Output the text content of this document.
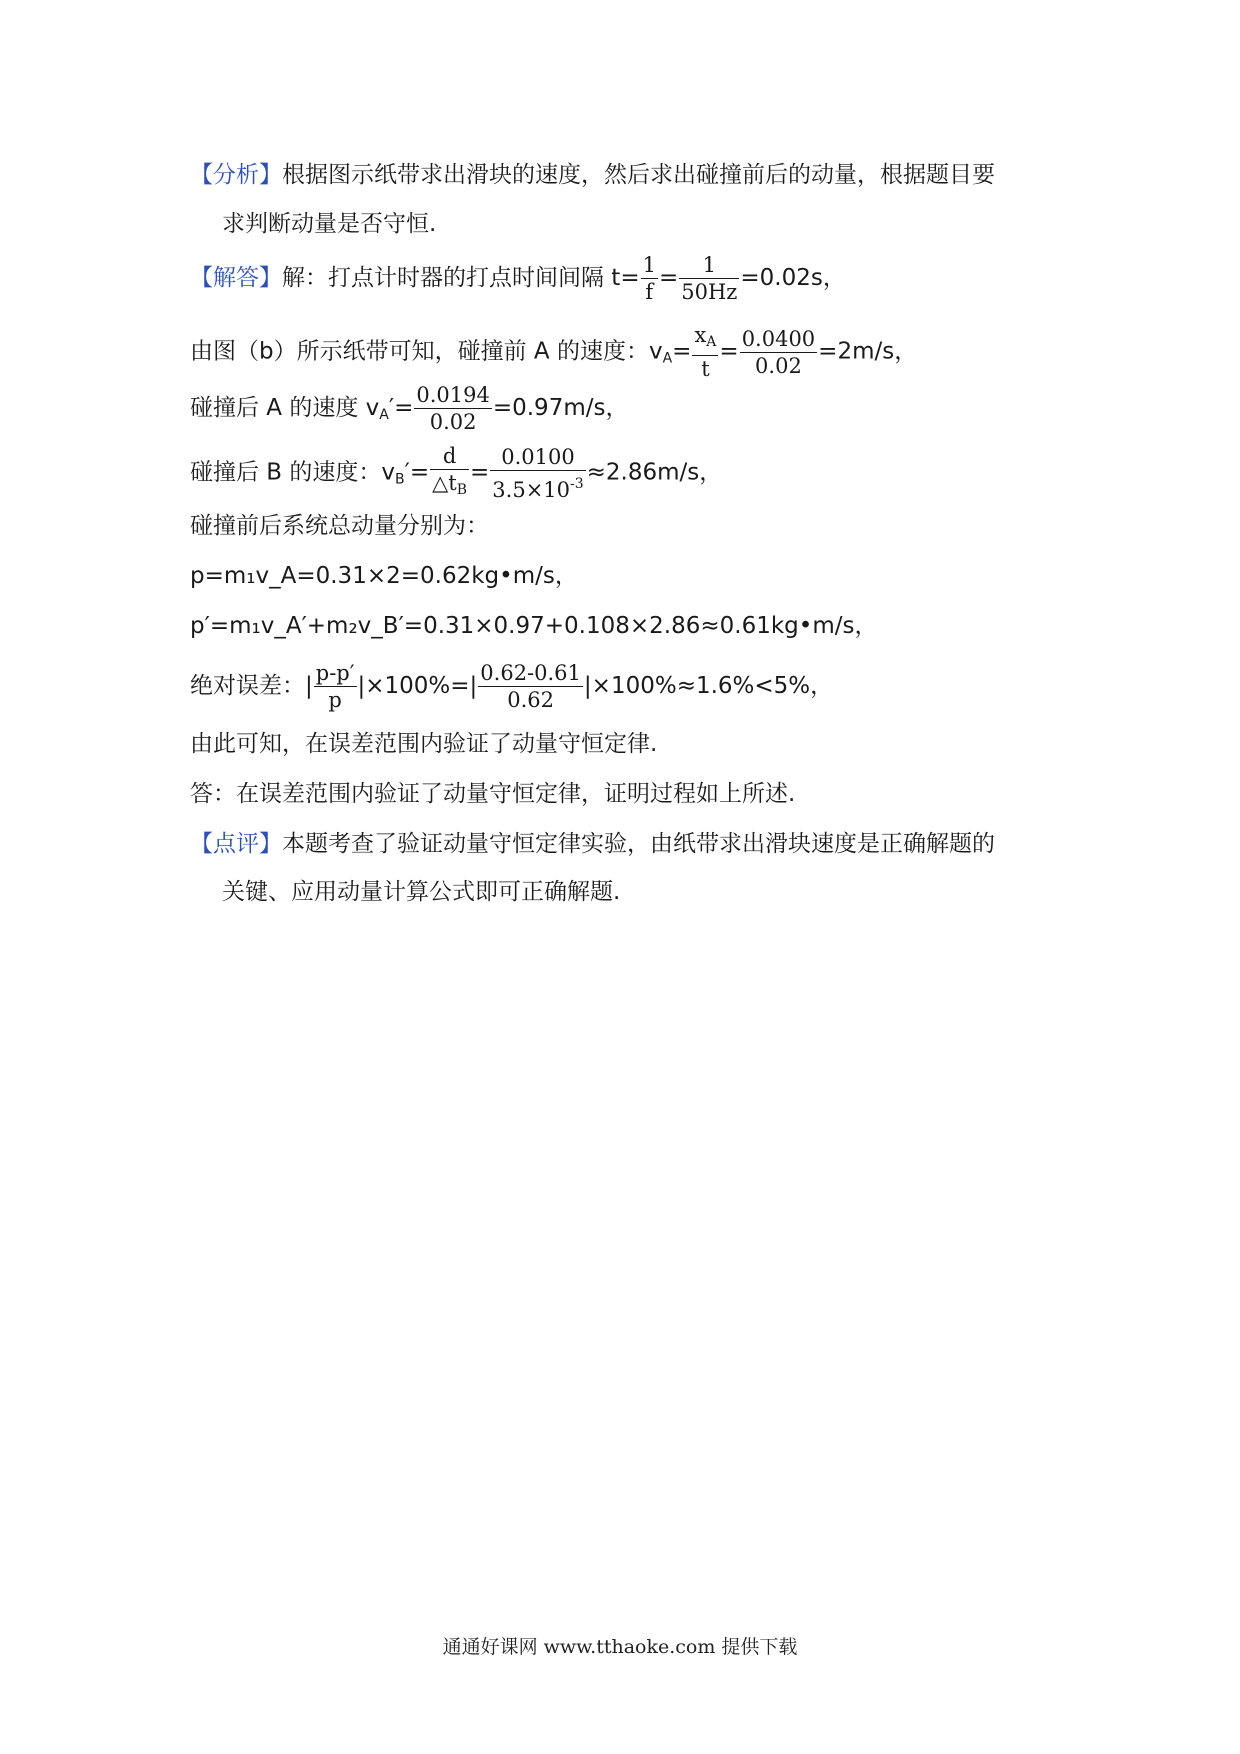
【分析】根据图示纸带求出滑块的速度，然后求出碰撞前后的动量，根据题目要
求判断动量是否守恒.
【解答】解：打点计时器的打点时间间隔 $t= \frac{1}{f} = \frac{1}{50Hz} =0.02s$，
由图（b）所示纸带可知，碰撞前 A 的速度：$v_A= \frac{x_A}{t} = \frac{0.0400}{0.02} =2m/s$，
碰撞后 A 的速度 $v_A'= \frac{0.0194}{0.02} =0.97m/s$，
碰撞后 B 的速度：$v_B'= \frac{d}{\triangle t_B} = \frac{0.0100}{3.5\times 10^{-3}} \approx 2.86m/s$，
碰撞前后系统总动量分别为：
p=m₁v_A=0.31×2=0.62kg•m/s，
p′=m₁v_A′+m₂v_B′=0.31×0.97+0.108×2.86≈0.61kg•m/s，
绝对误差：| $\frac{p-p'}{p} |\times 100\%=| \frac{0.62-0.61}{0.62} |\times 100\%\approx 1.6\%<5\%$，
由此可知，在误差范围内验证了动量守恒定律.
答：在误差范围内验证了动量守恒定律，证明过程如上所述.
【点评】本题考查了验证动量守恒定律实验，由纸带求出滑块速度是正确解题的
关键、应用动量计算公式即可正确解题.
通通好课网 www.tthaoke.com 提供下载
